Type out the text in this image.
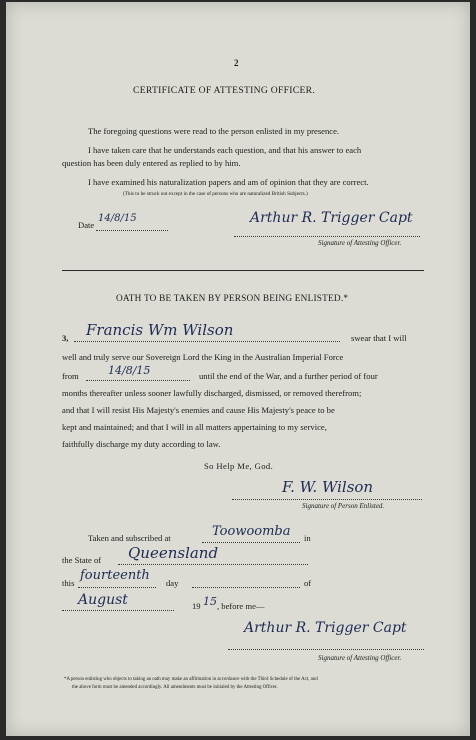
2
CERTIFICATE OF ATTESTING OFFICER.
The foregoing questions were read to the person enlisted in my presence.
I have taken care that he understands each question, and that his answer to each
question has been duly entered as replied to by him.
I have examined his naturalization papers and am of opinion that they are correct.
(This to be struck out except in the case of persons who are naturalized British Subjects.)
Date
14/8/15	Arthur R. Trigger Capt
Signature of Attesting Officer.
OATH TO BE TAKEN BY PERSON BEING ENLISTED.*
3, Francis Wm Wilson	swear that I will
well and truly serve our Sovereign Lord the King in the Australian Imperial Force
from	14/8/15	until the end of the War, and a further period of four
months thereafter unless sooner lawfully discharged, dismissed, or removed therefrom;
and that I will resist His Majesty's enemies and cause His Majesty's peace to be
kept and maintained; and that I will in all matters appertaining to my service,
faithfully discharge my duty according to law.
So Help Me, God.
F. W. Wilson
Signature of Person Enlisted.
Taken and subscribed at	Toowoomba in
the State of Queensland
this fourteenth day	of
August	19 15 , before me—
Arthur R. Trigger Capt
Signature of Attesting Officer.
*A person enlisting who objects to taking an oath may make an affirmation in accordance with the Third Schedule of the Act, and
the above form must be amended accordingly. All amendments must be initialed by the Attesting Officer.
